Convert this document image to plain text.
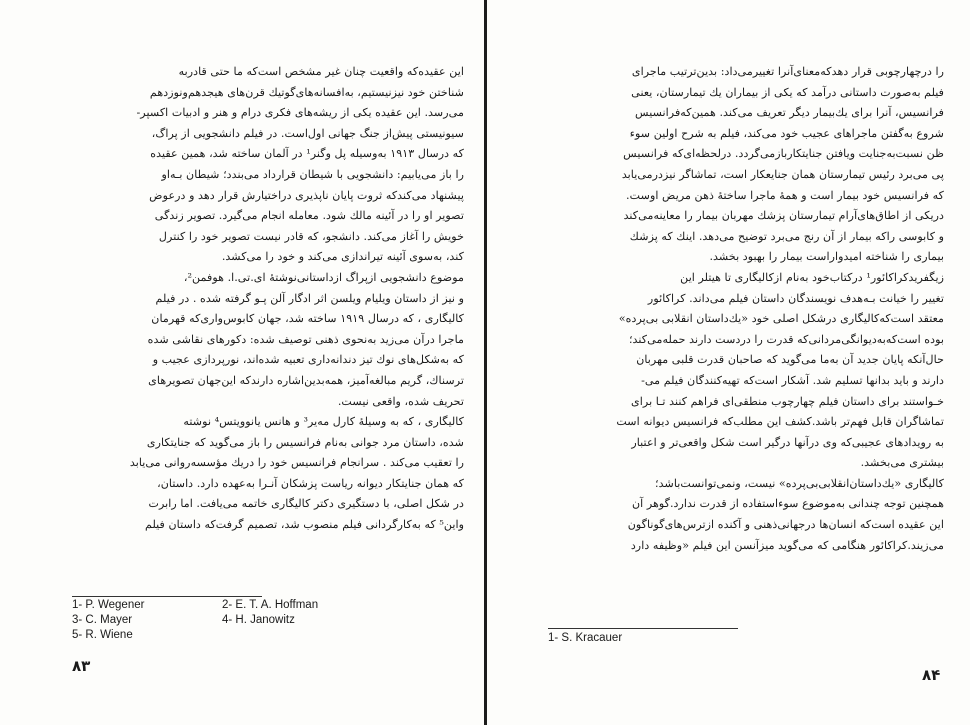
این عقیده‌که واقعیت چنان غیر مشخص است‌که ما حتی قادربه
شناختن خود نیزنیستیم، به‌افسانه‌های‌گوتیك قرن‌های هیجدهم‌ونوزدهم
می‌رسد. این عقیده یکی از ریشه‌های فکری درام و هنر و ادبیات اکسپر-
سیونیستی پیش‌از جنگ جهانی اول‌است. در فیلم دانشجویی از پراگ،
که درسال ۱۹۱۳ به‌وسیله پل وگنر¹ در آلمان ساخته شد، همین عقیده
را باز می‌یابیم: دانشجویی با شیطان قرارداد می‌بندد؛ شیطان بـه‌او
پیشنهاد می‌کندکه ثروت پایان ناپذیری دراختیارش قرار دهد و درعوض
تصویر او را در آئینه مالك شود. معامله انجام می‌گیرد. تصویر زندگی
خویش را آغاز می‌کند. دانشجو، که قادر نیست تصویر خود را کنترل
کند، به‌سوی آئینه تیراندازی می‌کند و خود را می‌کشد.
موضوع دانشجویی ازپراگ ازداستانی‌نوشتهٔ ای.تی.ا. هوفمن²،
و نیز از داستان ویلیام ویلسن اثر ادگار آلن پـو گرفته شده . در فیلم
کالیگاری ، که درسال ۱۹۱۹ ساخته شد، جهان کابوس‌واری‌که قهرمان
ماجرا درآن می‌زید به‌نحوی ذهنی توصیف شده: دکورهای نقاشی شده
که به‌شکل‌های نوك تیز دندانه‌داری تعبیه شده‌اند، نورپردازی عجیب و
ترسناك، گریم مبالغه‌آمیز، همه‌بدین‌اشاره دارندکه این‌جهان تصویرهای
تحریف شده، واقعی نیست.
کالیگاری ، که به وسیلهٔ کارل مه‌یر³ و هانس یانوویتس⁴ نوشته
شده، داستان مرد جوانی به‌نام فرانسیس را باز می‌گوید که جنایتکاری
را تعقیب می‌کند . سرانجام فرانسیس خود را دریك مؤسسه‌روانی می‌یابد
که همان جنایتکار دیوانه ریاست پزشکان آنـرا به‌عهده دارد. داستان،
در شکل اصلی، با دستگیری دکتر کالیگاری خاتمه می‌یافت. اما رابرت
واین⁵ که به‌کارگردانی فیلم منصوب شد، تصمیم گرفت‌که داستان فیلم
1- P. Wegener	2- E. T. A. Hoffman
3- C. Mayer	4- H. Janowitz
5- R. Wiene
۸۳
را درچهارچوبی قرار دهدکه‌معنای‌آنرا تغییرمی‌داد: بدین‌ترتیب ماجرای
فیلم به‌صورت داستانی درآمد که یکی از بیماران یك تیمارستان، یعنی
فرانسیس، آنرا برای یك‌بیمار دیگر تعریف می‌کند. همین‌که‌فرانسیس
شروع به‌گفتن ماجراهای عجیب خود می‌کند، فیلم به شرح اولین سوء
ظن نسبت‌به‌جنایت ویافتن جنایتکاربازمی‌گردد. درلحظه‌ای‌که فرانسیس
پی می‌برد رئیس تیمارستان همان جنایعکار است، تماشاگر نیزدرمی‌یابد
که فرانسیس خود بیمار است و همهٔ ماجرا ساختهٔ ذهن مریض اوست.
دریکی از اطاق‌های‌آرام تیمارستان پزشك مهربان بیمار را معاینه‌می‌کند
و کابوسی راکه بیمار از آن رنج می‌برد توضیح می‌دهد. اینك که پزشك
بیماری را شناخته امیدواراست بیمار را بهبود بخشد.
زیگفریدکراکائور¹ درکتاب‌خود به‌نام ازکالیگاری تا هیتلر این
تغییر را خیانت بـه‌هدف نویسندگان داستان فیلم می‌داند. کراکائور
معتقد است‌که‌کالیگاری درشکل اصلی خود «یك‌داستان انقلابی بی‌پرده»
بوده است‌که‌به‌دیوانگی‌مردانی‌که قدرت را دردست دارند حمله‌می‌کند؛
حال‌آنکه پایان جدید آن به‌ما می‌گوید که صاحبان قدرت قلبی مهربان
دارند و باید بدانها تسلیم شد. آشکار است‌که تهیه‌کنندگان فیلم می-
خـواستند برای داستان فیلم چهارچوب منطقی‌ای فراهم کنند تـا برای
تماشاگران قابل فهم‌تر باشد.کشف این مطلب‌که فرانسیس دیوانه است
به رویدادهای عجیبی‌که وی درآنها درگیر است شکل واقعی‌تر و اعتبار
بیشتری می‌بخشد.
کالیگاری «یك‌داستان‌انقلابی‌بی‌پرده» نیست، ونمی‌توانست‌باشد؛
همچنین توجه چندانی به‌موضوع سوءاستفاده از قدرت ندارد.گوهر آن
این عقیده است‌که انسان‌ها درجهانی‌ذهنی و آکنده ازترس‌های‌گوناگون
می‌زیند.کراکائور هنگامی که می‌گوید میزآنسن این فیلم «وظیفه دارد
1- S. Kracauer
۸۴
